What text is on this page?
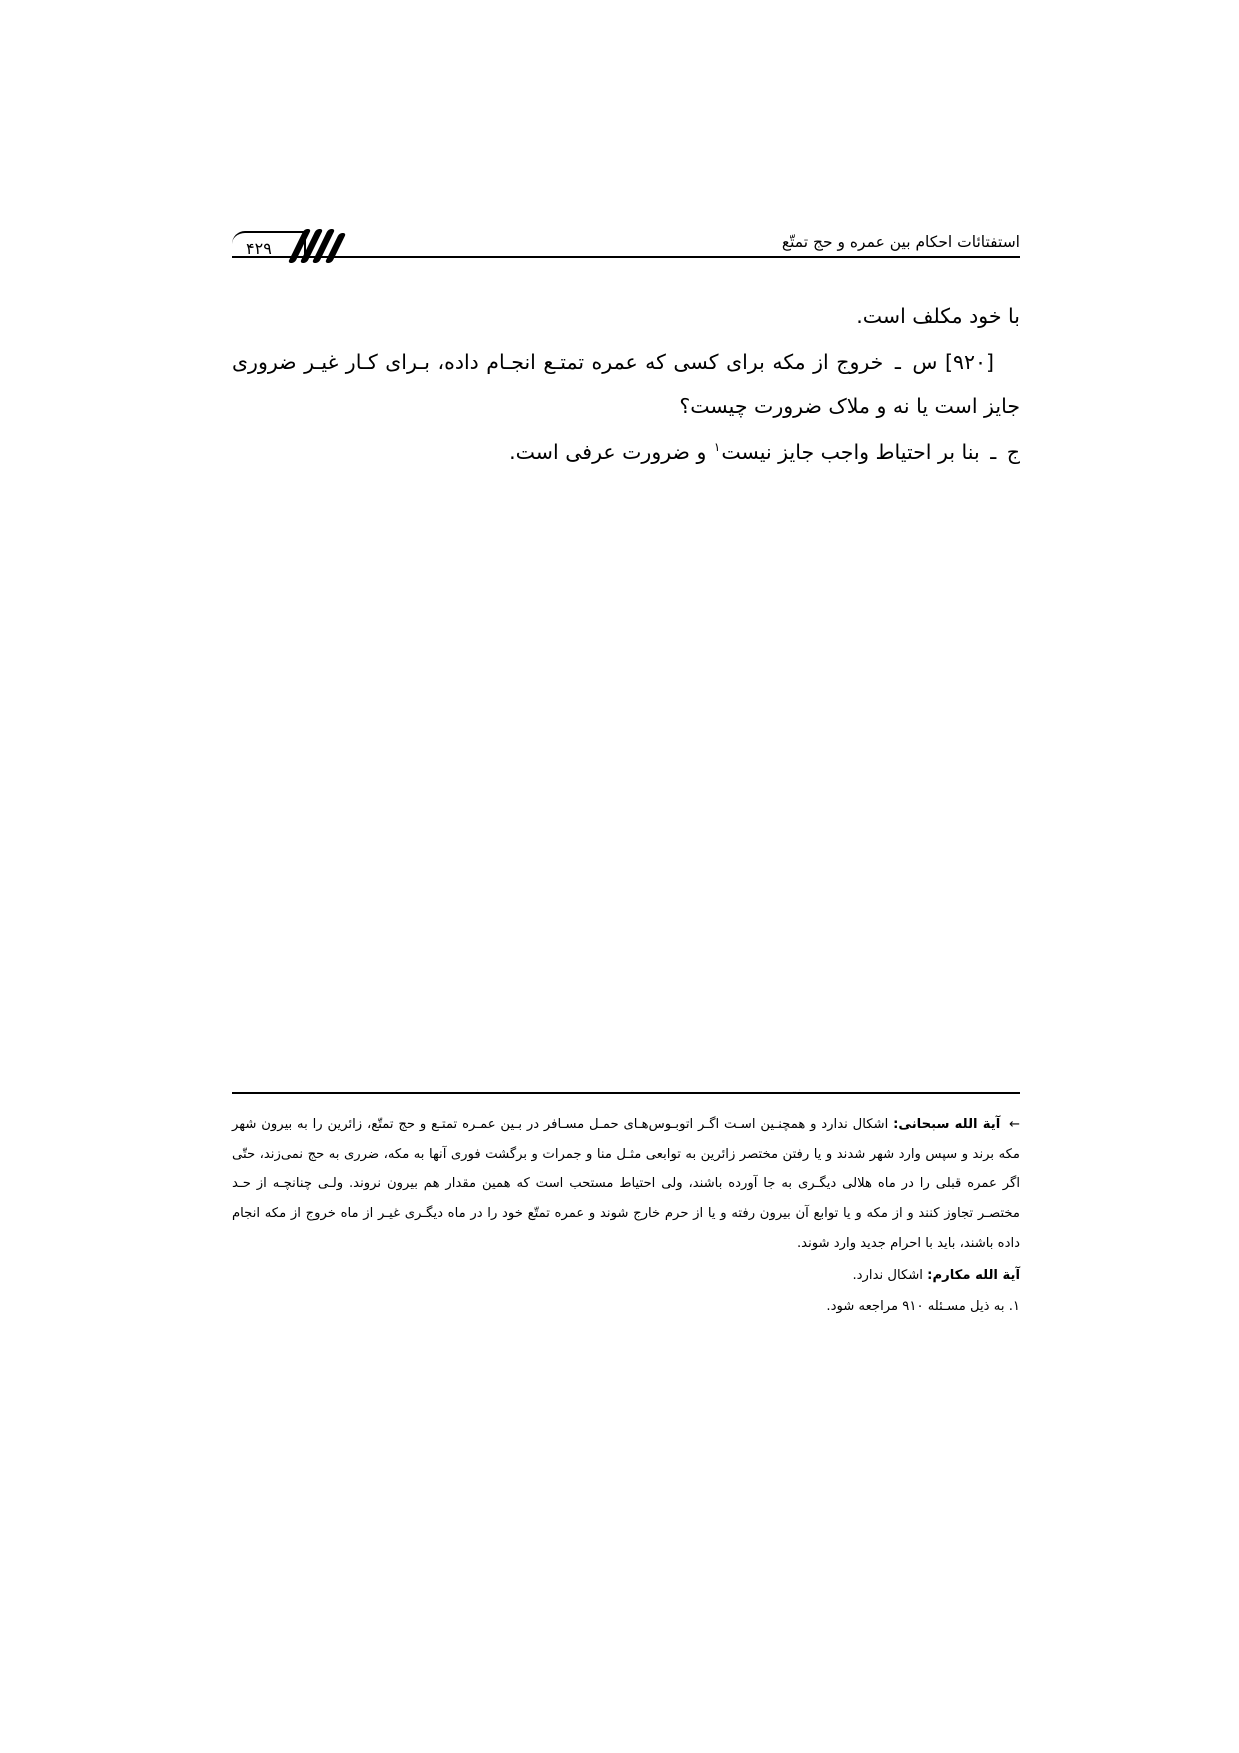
استفتائات احکام بین عمره و حج تمتّع
۴۲۹

با خود مکلف است.

[۹۲۰] س ـ خروج از مکه برای کسی که عمره تمتـع انجـام داده، بـرای کـار غیـر ضروری جایز است یا نه و ملاک ضرورت چیست؟

ج ـ بنا بر احتیاط واجب جایز نیست$^۱$ و ضرورت عرفی است.

← آیة الله سبحانی: اشکال ندارد و همچنـین اسـت اگـر اتوبـوس‌هـای حمـل مسـافر در بـین عمـره تمتـع و حج تمتّع، زائرین را به بیرون شهر مکه برند و سپس وارد شهر شدند و یا رفتن مختصر زائرین به توابعی مثـل منا و جمرات و برگشت فوری آنها به مکه، ضرری به حج نمی‌زند، حتّی اگر عمره قبلی را در ماه هلالی دیگـری به جا آورده باشند، ولی احتیاط مستحب است که همین مقدار هم بیرون نروند. ولـی چنانچـه از حـد مختصـر تجاوز کنند و از مکه و یا توابع آن بیرون رفته و یا از حرم خارج شوند و عمره تمتّع خود را در ماه دیگـری غیـر از ماه خروج از مکه انجام داده باشند، باید با احرام جدید وارد شوند.

آیة الله مکارم: اشکال ندارد.
۱. به ذیل مسـئله ۹۱۰ مراجعه شود.
